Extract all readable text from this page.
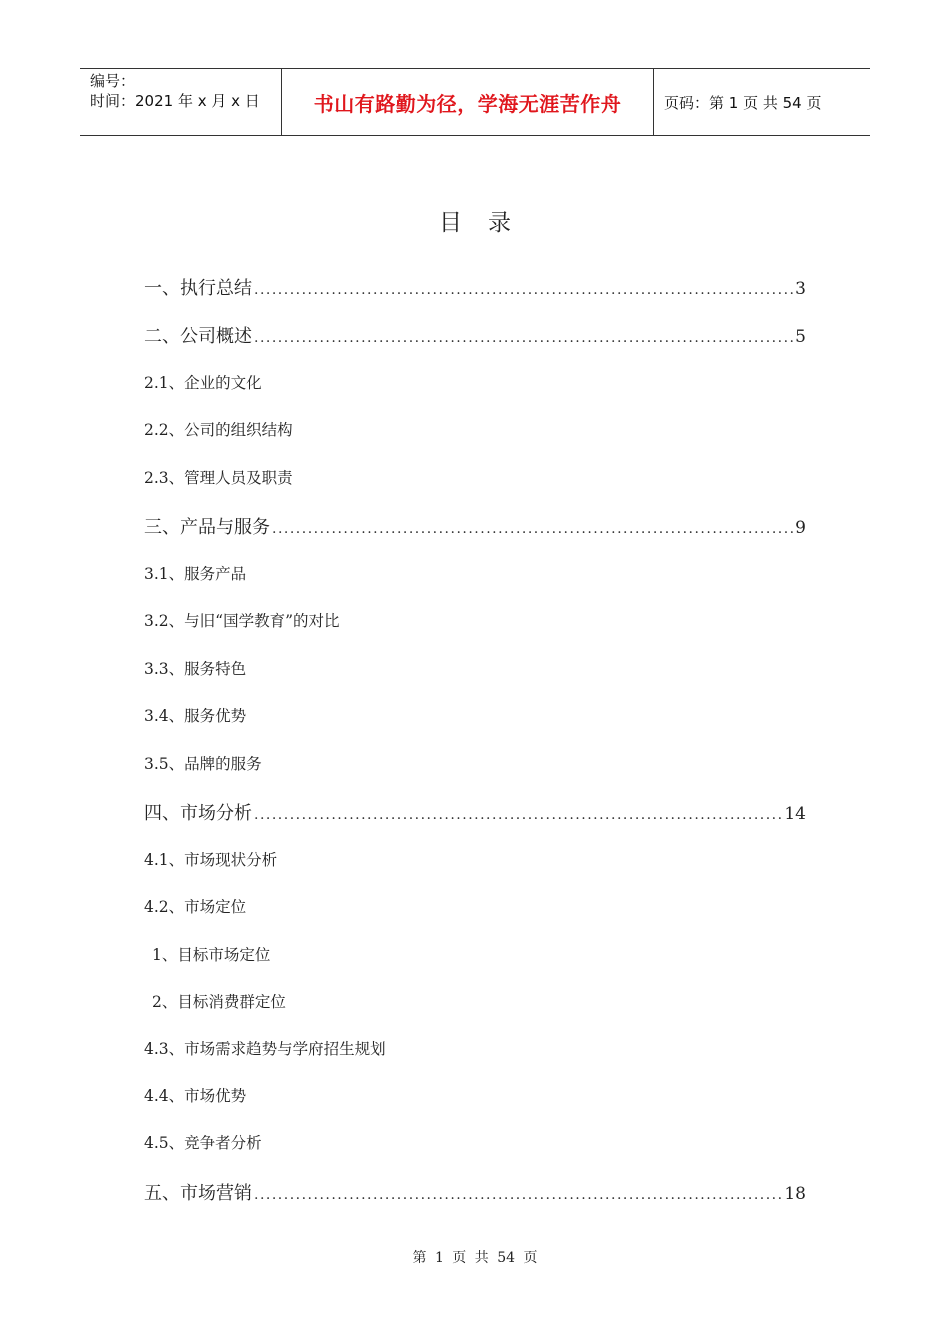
编号：
时间：2021 年 x 月 x 日	书山有路勤为径，学海无涯苦作舟	页码：第 1 页 共 54 页
目录
一、执行总结 .....	3
二、公司概述 .....	5
2.1、企业的文化
2.2、公司的组织结构
2.3、管理人员及职责
三、产品与服务 .....	9
3.1、服务产品
3.2、与旧“国学教育”的对比
3.3、服务特色
3.4、服务优势
3.5、品牌的服务
四、市场分析 .....	14
4.1、市场现状分析
4.2、市场定位
1、目标市场定位
2、目标消费群定位
4.3、市场需求趋势与学府招生规划
4.4、市场优势
4.5、竞争者分析
五、市场营销 .....	18
第 1 页 共 54 页
